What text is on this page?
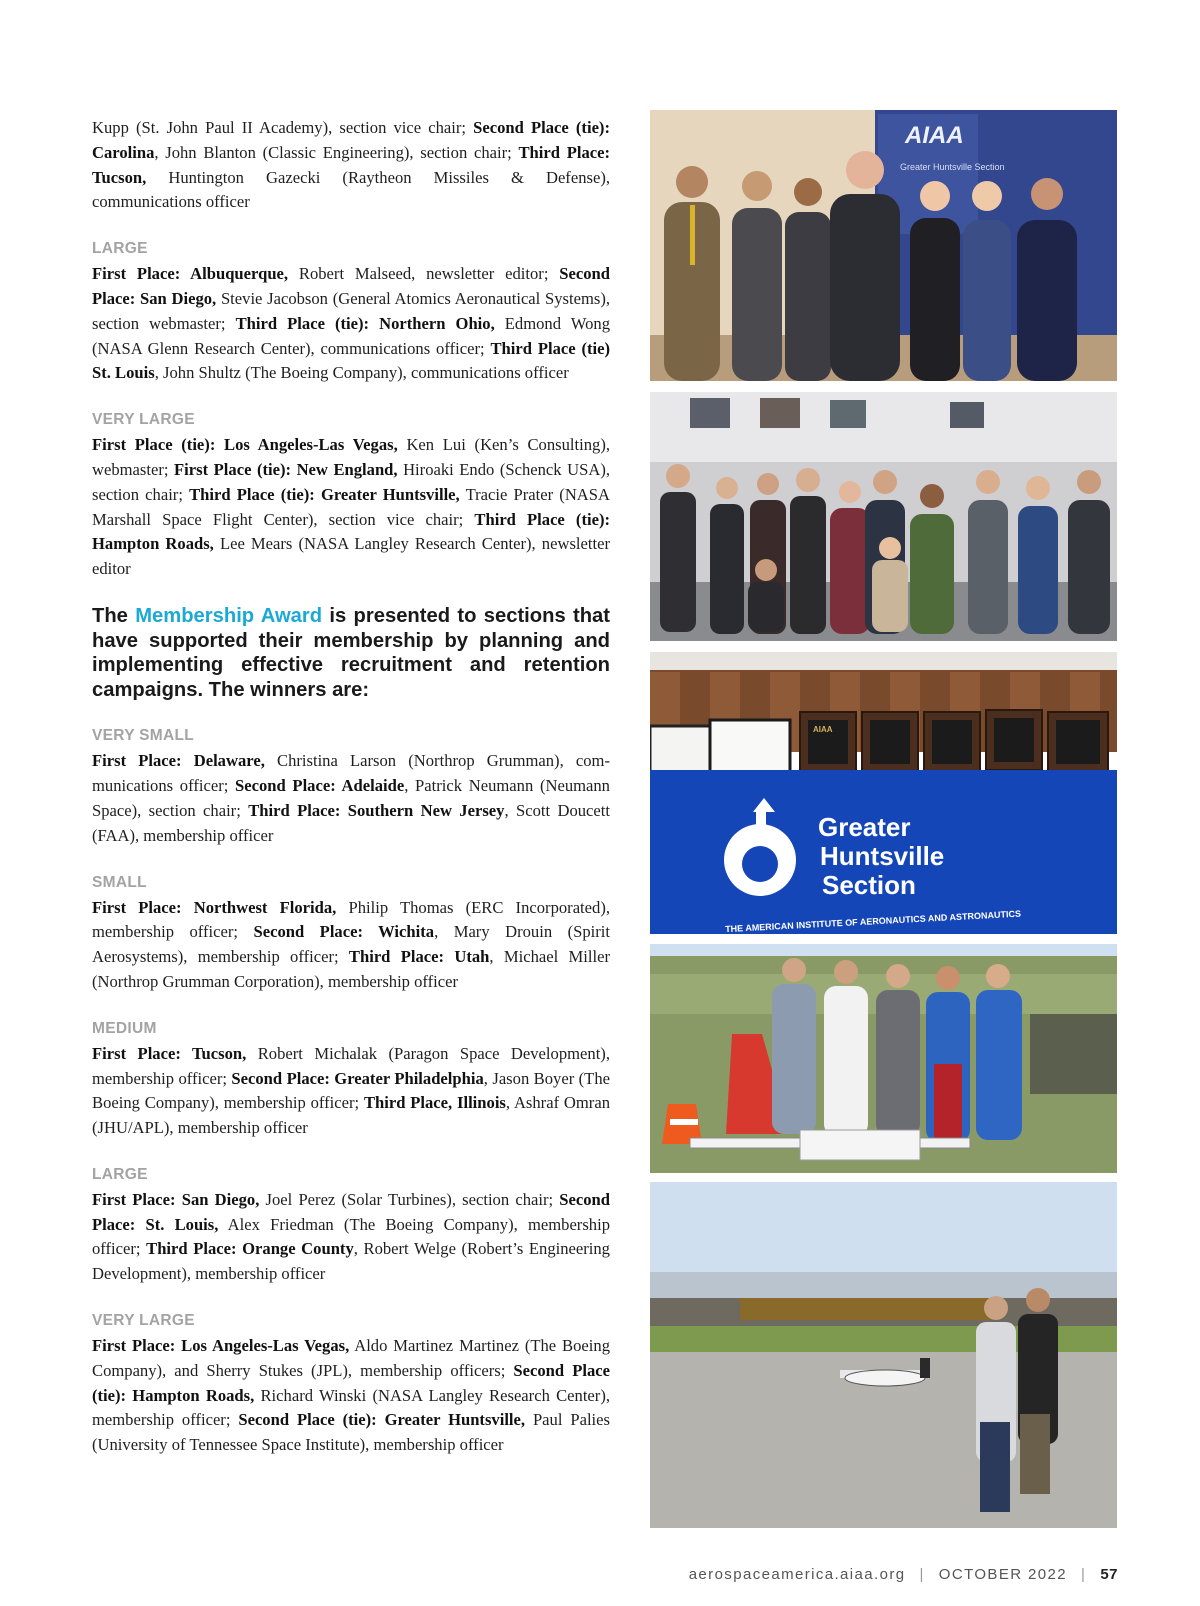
Kupp (St. John Paul II Academy), section vice chair; Second Place (tie): Carolina, John Blanton (Classic Engineering), section chair; Third Place: Tucson, Huntington Gazecki (Raytheon Missiles & Defense), communications officer

LARGE

First Place: Albuquerque, Robert Malseed, newsletter editor; Second Place: San Diego, Stevie Jacobson (General Atomics Aeronautical Systems), section webmaster; Third Place (tie): Northern Ohio, Edmond Wong (NASA Glenn Research Center), communications officer; Third Place (tie) St. Louis, John Shultz (The Boeing Company), communications officer

VERY LARGE

First Place (tie): Los Angeles-Las Vegas, Ken Lui (Ken’s Consulting), webmaster; First Place (tie): New England, Hiroaki Endo (Schenck USA), section chair; Third Place (tie): Greater Huntsville, Tracie Prater (NASA Marshall Space Flight Center), section vice chair; Third Place (tie): Hampton Roads, Lee Mears (NASA Langley Research Center), newsletter editor

The Membership Award is presented to sections that have supported their membership by planning and implementing effective recruitment and retention campaigns. The winners are:

VERY SMALL

First Place: Delaware, Christina Larson (Northrop Grumman), communications officer; Second Place: Adelaide, Patrick Neumann (Neumann Space), section chair; Third Place: Southern New Jersey, Scott Doucett (FAA), membership officer

SMALL

First Place: Northwest Florida, Philip Thomas (ERC Incorporated), membership officer; Second Place: Wichita, Mary Drouin (Spirit Aerosystems), membership officer; Third Place: Utah, Michael Miller (Northrop Grumman Corporation), membership officer

MEDIUM

First Place: Tucson, Robert Michalak (Paragon Space Development), membership officer; Second Place: Greater Philadelphia, Jason Boyer (The Boeing Company), membership officer; Third Place, Illinois, Ashraf Omran (JHU/APL), membership officer

LARGE

First Place: San Diego, Joel Perez (Solar Turbines), section chair; Second Place: St. Louis, Alex Friedman (The Boeing Company), membership officer; Third Place: Orange County, Robert Welge (Robert’s Engineering Development), membership officer

VERY LARGE

First Place: Los Angeles-Las Vegas, Aldo Martinez Martinez (The Boeing Company), and Sherry Stukes (JPL), membership officers; Second Place (tie): Hampton Roads, Richard Winski (NASA Langley Research Center), membership officer; Second Place (tie): Greater Huntsville, Paul Palies (University of Tennessee Space Institute), membership officer

AIAA
Greater Huntsville Section
AIAA
Greater
Huntsville
Section
THE AMERICAN INSTITUTE OF AERONAUTICS AND ASTRONAUTICS
aerospaceamerica.aiaa.org | OCTOBER 2022 | 57
